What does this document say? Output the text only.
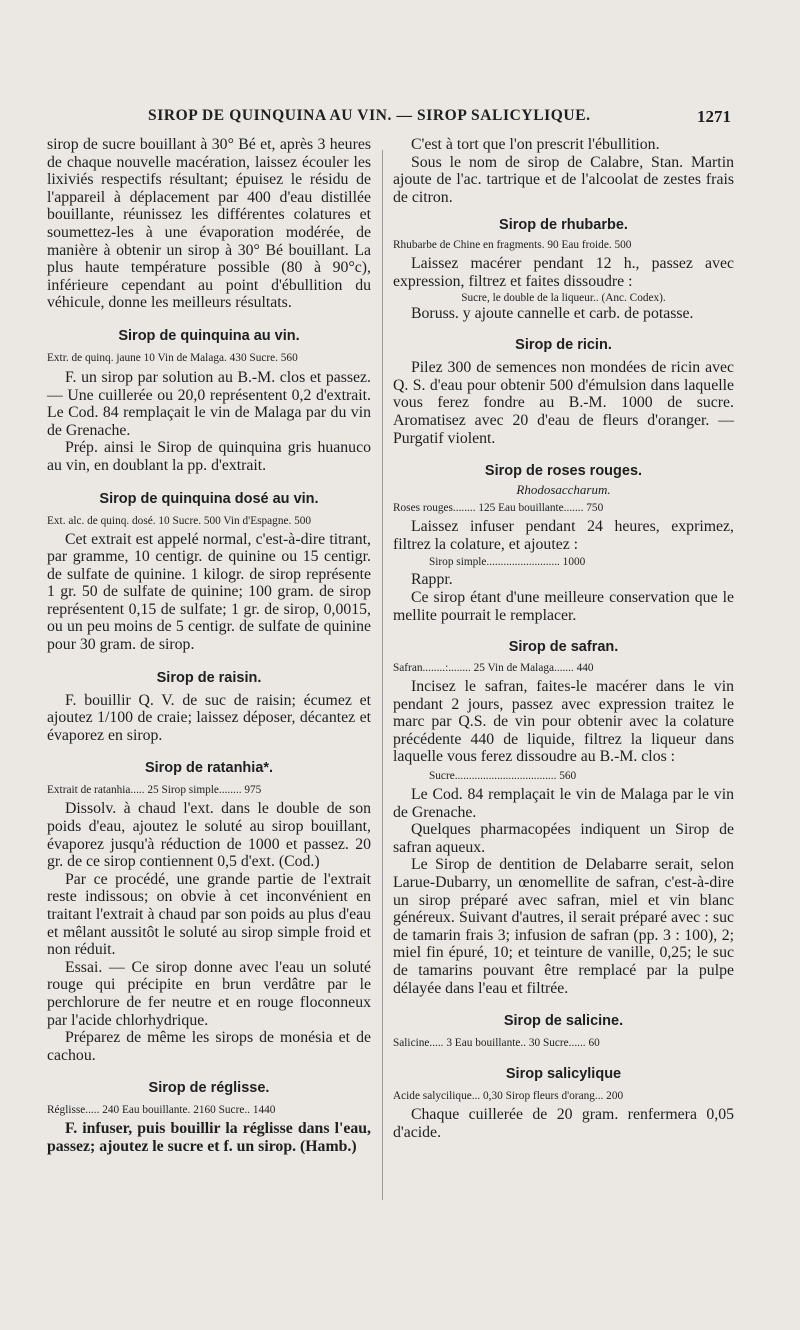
SIROP DE QUINQUINA AU VIN. — SIROP SALICYLIQUE.	1271

sirop de sucre bouillant à 30° Bé et, après 3 heures de chaque nouvelle macération, laissez écouler les lixiviés respectifs résultant; épuisez le résidu de l'appareil à déplacement par 400 d'eau distillée bouillante, réunissez les différentes colatures et soumettez-les à une évaporation modérée, de manière à obtenir un sirop à 30° Bé bouillant. La plus haute température possible (80 à 90°c), inférieure cependant au point d'ébullition du véhicule, donne les meilleurs résultats.

Sirop de quinquina au vin.
Extr. de quinq. jaune 10 Vin de Malaga. 430 Sucre. 560

F. un sirop par solution au B.-M. clos et passez. — Une cuillerée ou 20,0 représentent 0,2 d'extrait. Le Cod. 84 remplaçait le vin de Malaga par du vin de Grenache.

Prép. ainsi le Sirop de quinquina gris huanuco au vin, en doublant la pp. d'extrait.

Sirop de quinquina dosé au vin.
Ext. alc. de quinq. dosé. 10 Sucre. 500 Vin d'Espagne. 500

Cet extrait est appelé normal, c'est-à-dire titrant, par gramme, 10 centigr. de quinine ou 15 centigr. de sulfate de quinine. 1 kilogr. de sirop représente 1 gr. 50 de sulfate de quinine; 100 gram. de sirop représentent 0,15 de sulfate; 1 gr. de sirop, 0,0015, ou un peu moins de 5 centigr. de sulfate de quinine pour 30 gram. de sirop.

Sirop de raisin.

F. bouillir Q. V. de suc de raisin; écumez et ajoutez 1/100 de craie; laissez déposer, décantez et évaporez en sirop.

Sirop de ratanhia*.
Extrait de ratanhia..... 25 Sirop simple........ 975

Dissolv. à chaud l'ext. dans le double de son poids d'eau, ajoutez le soluté au sirop bouillant, évaporez jusqu'à réduction de 1000 et passez. 20 gr. de ce sirop contiennent 0,5 d'ext. (Cod.)

Par ce procédé, une grande partie de l'extrait reste indissous; on obvie à cet inconvénient en traitant l'extrait à chaud par son poids au plus d'eau et mêlant aussitôt le soluté au sirop simple froid et non réduit.

Essai. — Ce sirop donne avec l'eau un soluté rouge qui précipite en brun verdâtre par le perchlorure de fer neutre et en rouge floconneux par l'acide chlorhydrique.

Préparez de même les sirops de monésia et de cachou.

Sirop de réglisse.
Réglisse..... 240 Eau bouillante. 2160 Sucre.. 1440

F. infuser, puis bouillir la réglisse dans l'eau, passez; ajoutez le sucre et f. un sirop. (Hamb.)

C'est à tort que l'on prescrit l'ébullition.

Sous le nom de sirop de Calabre, Stan. Martin ajoute de l'ac. tartrique et de l'alcoolat de zestes frais de citron.

Sirop de rhubarbe.
Rhubarbe de Chine en fragments. 90 Eau froide. 500

Laissez macérer pendant 12 h., passez avec expression, filtrez et faites dissoudre :

Sucre, le double de la liqueur.. (Anc. Codex).

Boruss. y ajoute cannelle et carb. de potasse.

Sirop de ricin.

Pilez 300 de semences non mondées de ricin avec Q. S. d'eau pour obtenir 500 d'émulsion dans laquelle vous ferez fondre au B.-M. 1000 de sucre. Aromatisez avec 20 d'eau de fleurs d'oranger. — Purgatif violent.

Sirop de roses rouges.
Rhodosaccharum.
Roses rouges........ 125 Eau bouillante....... 750

Laissez infuser pendant 24 heures, exprimez, filtrez la colature, et ajoutez :

Sirop simple.......................... 1000

Rappr.

Ce sirop étant d'une meilleure conservation que le mellite pourrait le remplacer.

Sirop de safran.
Safran........:........ 25 Vin de Malaga....... 440

Incisez le safran, faites-le macérer dans le vin pendant 2 jours, passez avec expression traitez le marc par Q.S. de vin pour obtenir avec la colature précédente 440 de liquide, filtrez la liqueur dans laquelle vous ferez dissoudre au B.-M. clos :

Sucre.................................... 560

Le Cod. 84 remplaçait le vin de Malaga par le vin de Grenache.

Quelques pharmacopées indiquent un Sirop de safran aqueux.

Le Sirop de dentition de Delabarre serait, selon Larue-Dubarry, un œnomellite de safran, c'est-à-dire un sirop préparé avec safran, miel et vin blanc généreux. Suivant d'autres, il serait préparé avec : suc de tamarin frais 3; infusion de safran (pp. 3 : 100), 2; miel fin épuré, 10; et teinture de vanille, 0,25; le suc de tamarins pouvant être remplacé par la pulpe délayée dans l'eau et filtrée.

Sirop de salicine.
Salicine..... 3 Eau bouillante.. 30 Sucre...... 60
Sirop salicylique
Acide salycilique... 0,30 Sirop fleurs d'orang... 200

Chaque cuillerée de 20 gram. renfermera 0,05 d'acide.
